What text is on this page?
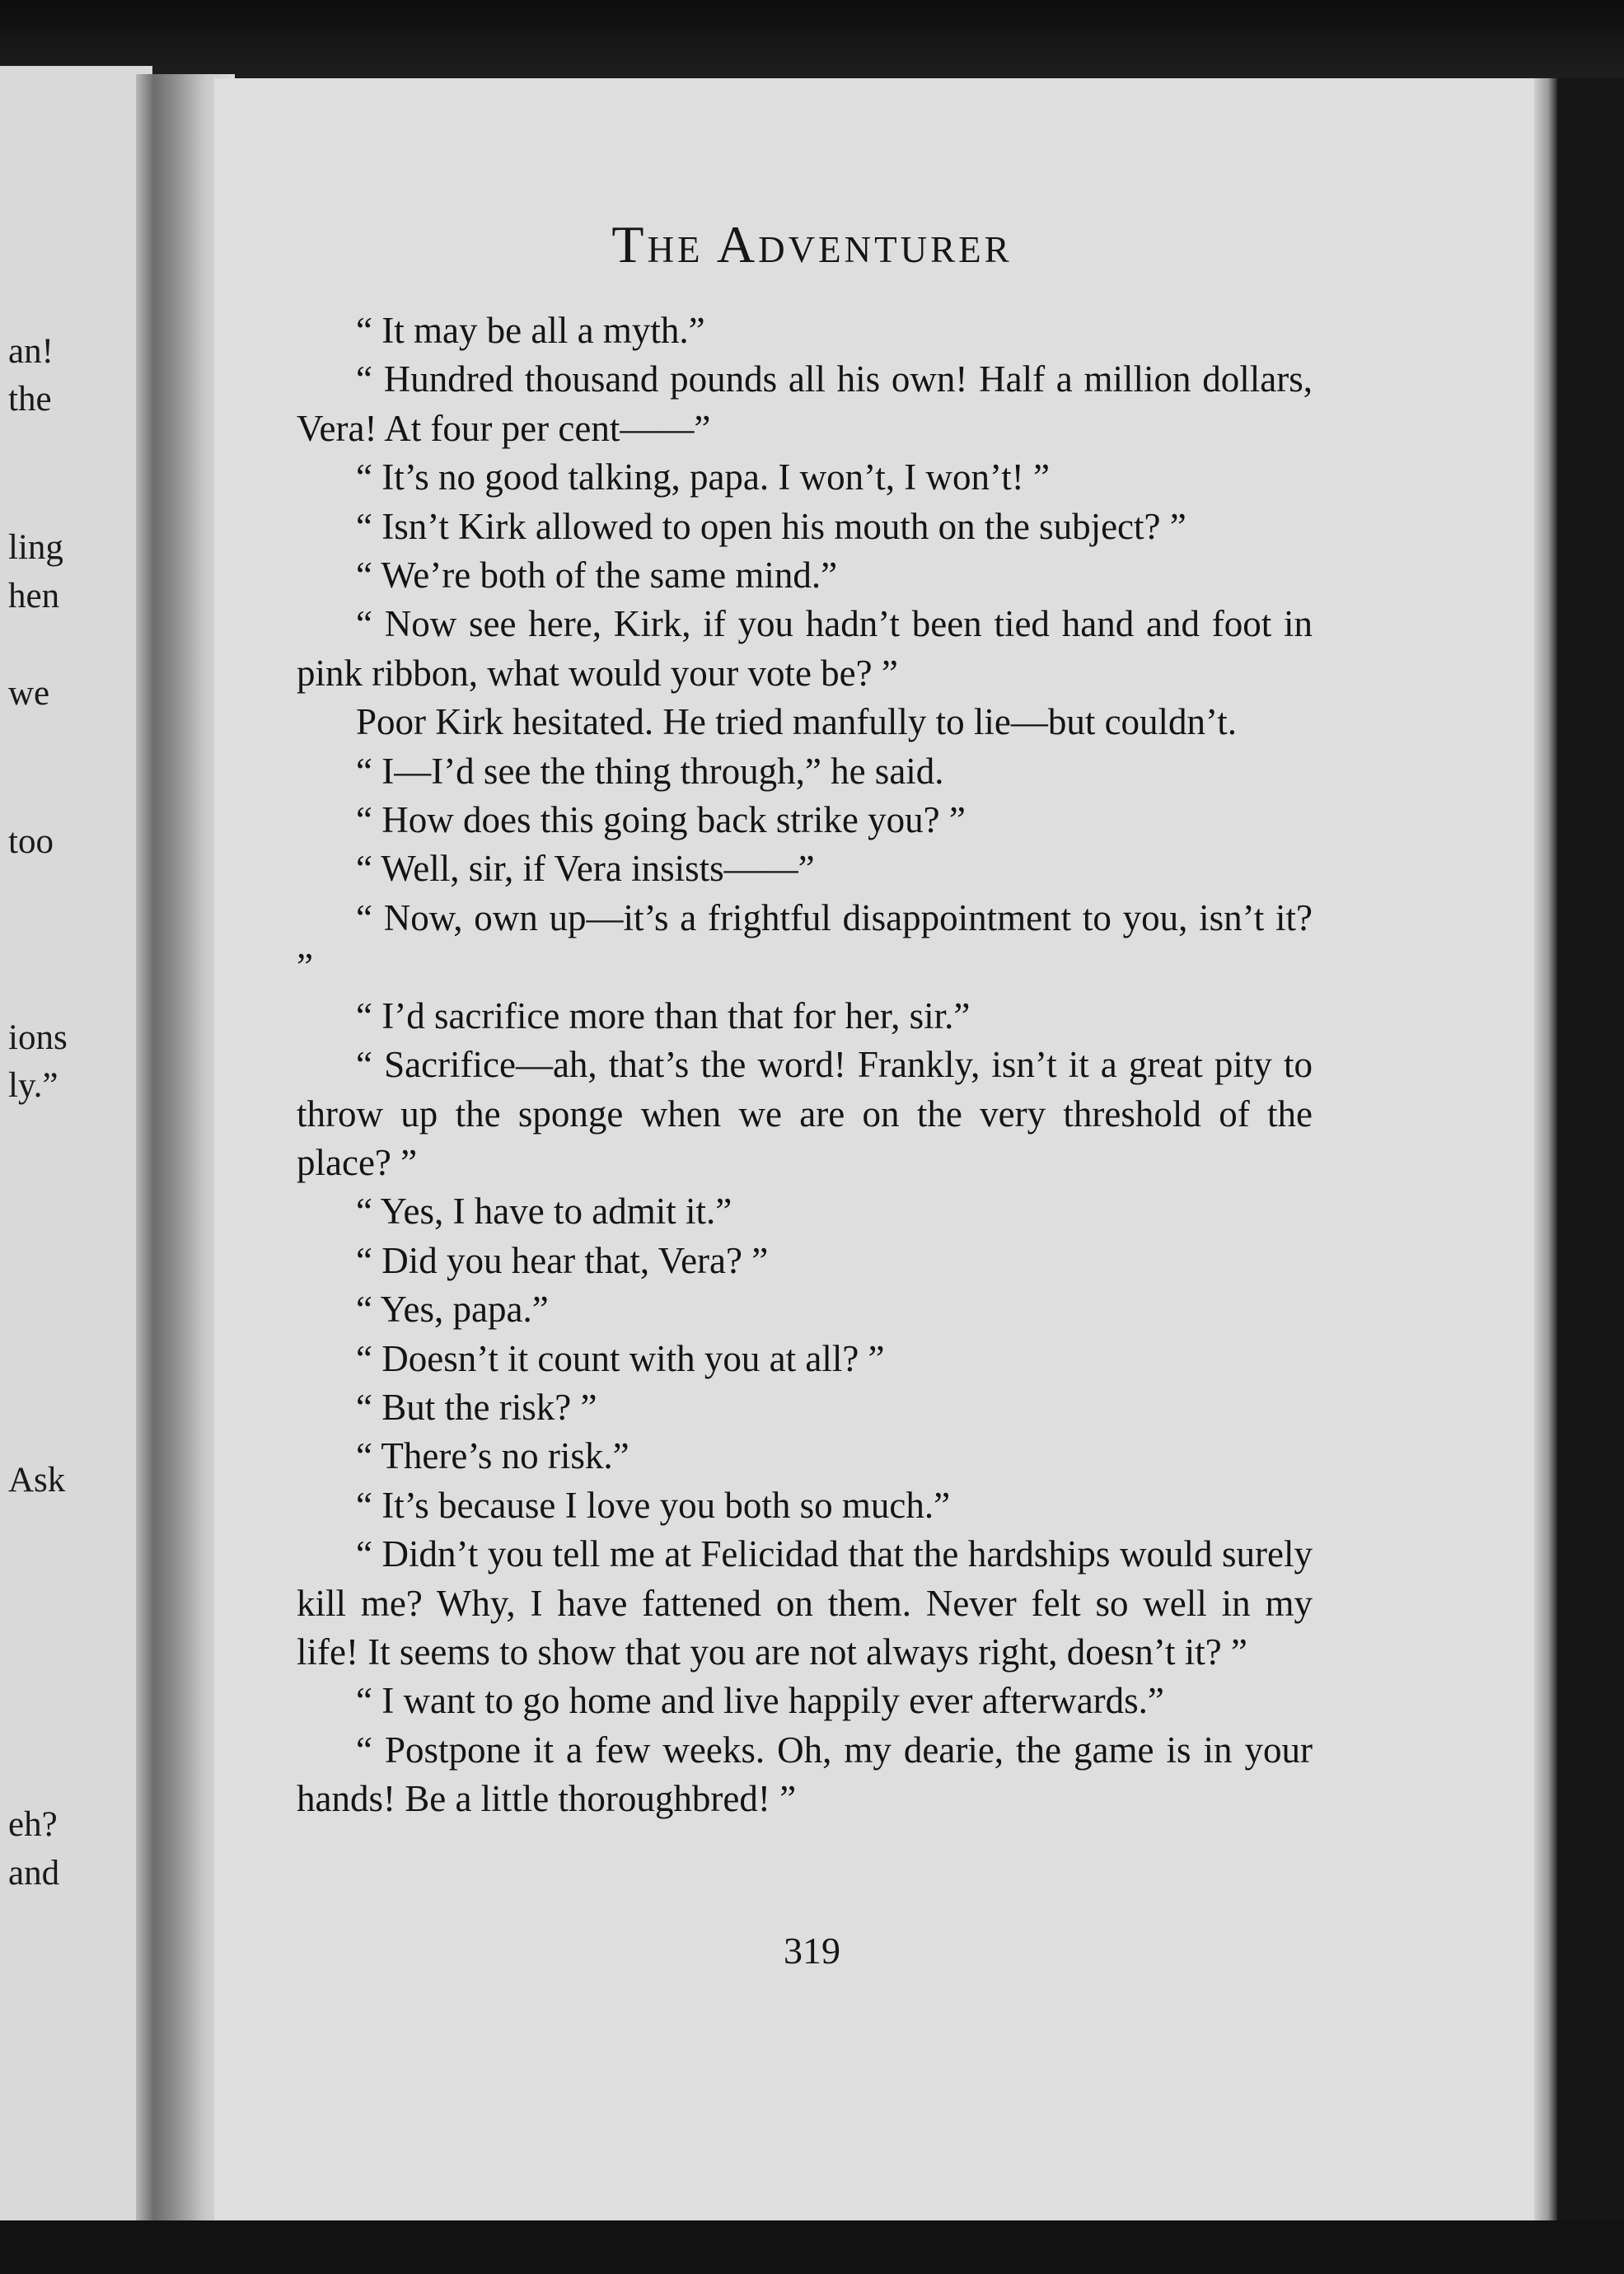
an!
the
ling
hen
we
too
ions
ly.”
Ask
eh?
and
The Adventurer

“ It may be all a myth.”

“ Hundred thousand pounds all his own! Half a million dollars, Vera! At four per cent——”

“ It’s no good talking, papa. I won’t, I won’t! ”

“ Isn’t Kirk allowed to open his mouth on the subject? ”

“ We’re both of the same mind.”

“ Now see here, Kirk, if you hadn’t been tied hand and foot in pink ribbon, what would your vote be? ”

Poor Kirk hesitated. He tried manfully to lie—but couldn’t.

“ I—I’d see the thing through,” he said.

“ How does this going back strike you? ”

“ Well, sir, if Vera insists——”

“ Now, own up—it’s a frightful disappointment to you, isn’t it? ”

“ I’d sacrifice more than that for her, sir.”

“ Sacrifice—ah, that’s the word! Frankly, isn’t it a great pity to throw up the sponge when we are on the very threshold of the place? ”

“ Yes, I have to admit it.”

“ Did you hear that, Vera? ”

“ Yes, papa.”

“ Doesn’t it count with you at all? ”

“ But the risk? ”

“ There’s no risk.”

“ It’s because I love you both so much.”

“ Didn’t you tell me at Felicidad that the hardships would surely kill me? Why, I have fattened on them. Never felt so well in my life! It seems to show that you are not always right, doesn’t it? ”

“ I want to go home and live happily ever afterwards.”

“ Postpone it a few weeks. Oh, my dearie, the game is in your hands! Be a little thoroughbred! ”

319
